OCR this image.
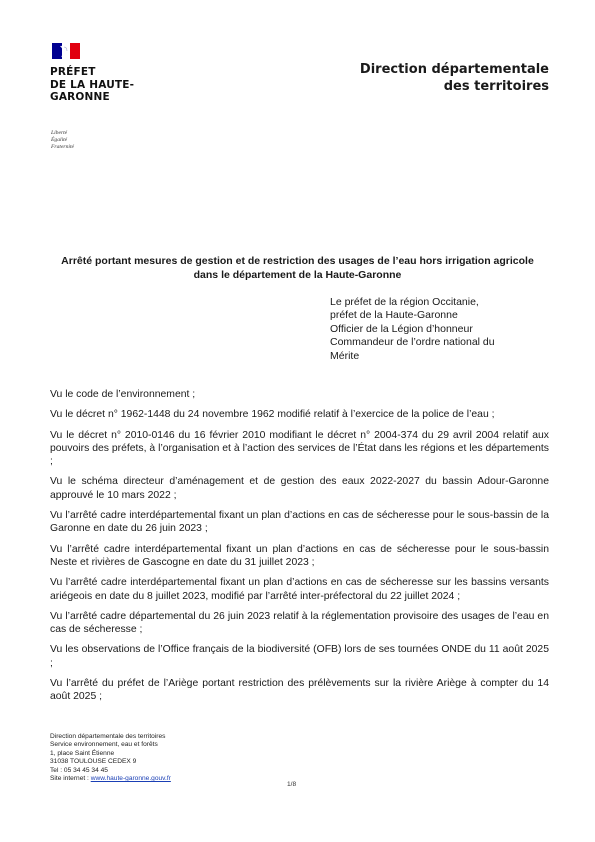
PRÉFET
DE LA HAUTE-
GARONNE
Liberté
Égalité
Fraternité
Direction départementale
des territoires
Arrêté portant mesures de gestion et de restriction des usages de l’eau hors irrigation agricole dans le département de la Haute-Garonne
Le préfet de la région Occitanie,
préfet de la Haute-Garonne
Officier de la Légion d’honneur
Commandeur de l’ordre national du
Mérite

Vu le code de l’environnement ;

Vu le décret n° 1962-1448 du 24 novembre 1962 modifié relatif à l’exercice de la police de l’eau ;

Vu le décret n° 2010-0146 du 16 février 2010 modifiant le décret n° 2004-374 du 29 avril 2004 relatif aux pouvoirs des préfets, à l’organisation et à l’action des services de l’État dans les régions et les départements ;

Vu le schéma directeur d’aménagement et de gestion des eaux 2022-2027 du bassin Adour-Garonne approuvé le 10 mars 2022 ;

Vu l’arrêté cadre interdépartemental fixant un plan d’actions en cas de sécheresse pour le sous-bassin de la Garonne en date du 26 juin 2023 ;

Vu l’arrêté cadre interdépartemental fixant un plan d’actions en cas de sécheresse pour le sous-bassin Neste et rivières de Gascogne en date du 31 juillet 2023 ;

Vu l’arrêté cadre interdépartemental fixant un plan d’actions en cas de sécheresse sur les bassins versants ariégeois en date du 8 juillet 2023, modifié par l’arrêté inter-préfectoral du 22 juillet 2024 ;

Vu l’arrêté cadre départemental du 26 juin 2023 relatif à la réglementation provisoire des usages de l’eau en cas de sécheresse ;

Vu les observations de l’Office français de la biodiversité (OFB) lors de ses tournées ONDE du 11 août 2025 ;

Vu l’arrêté du préfet de l’Ariège portant restriction des prélèvements sur la rivière Ariège à compter du 14 août 2025 ;

Direction départementale des territoires
Service environnement, eau et forêts
1, place Saint Étienne
31038 TOULOUSE CEDEX 9
Tel : 05 34 45 34 45
Site internet : www.haute-garonne.gouv.fr
1/8
